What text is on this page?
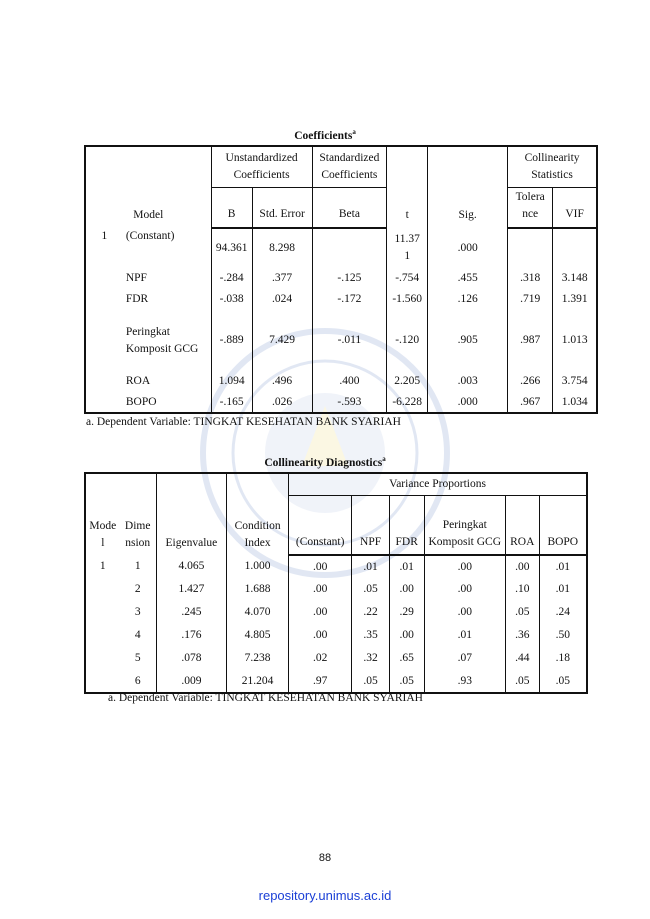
Coefficients$^a$
Model		Unstandardized Coefficients		Standardized Coefficients	t	Sig.	Collinearity Statistics	
		B	Std. Error	Beta			Tolera nce	VIF
1	(Constant)	94.361	8.298		11.37 1	.000		
	NPF	-.284	.377	-.125	-.754	.455	.318	3.148
	FDR	-.038	.024	-.172	-1.560	.126	.719	1.391
	Peringkat Komposit GCG	-.889	7.429	-.011	-.120	.905	.987	1.013
	ROA	1.094	.496	.400	2.205	.003	.266	3.754
	BOPO	-.165	.026	-.593	-6.228	.000	.967	1.034
a. Dependent Variable: TINGKAT KESEHATAN BANK SYARIAH
Collinearity Diagnostics$^a$
Mode l	Dime nsion	Eigenvalue	Condition Index	Variance Proportions					
				(Constant)	NPF	FDR	Peringkat Komposit GCG	ROA	BOPO
1	1	4.065	1.000	.00	.01	.01	.00	.00	.01
	2	1.427	1.688	.00	.05	.00	.00	.10	.01
	3	.245	4.070	.00	.22	.29	.00	.05	.24
	4	.176	4.805	.00	.35	.00	.01	.36	.50
	5	.078	7.238	.02	.32	.65	.07	.44	.18
	6	.009	21.204	.97	.05	.05	.93	.05	.05
a. Dependent Variable: TINGKAT KESEHATAN BANK SYARIAH
88
repository.unimus.ac.id
